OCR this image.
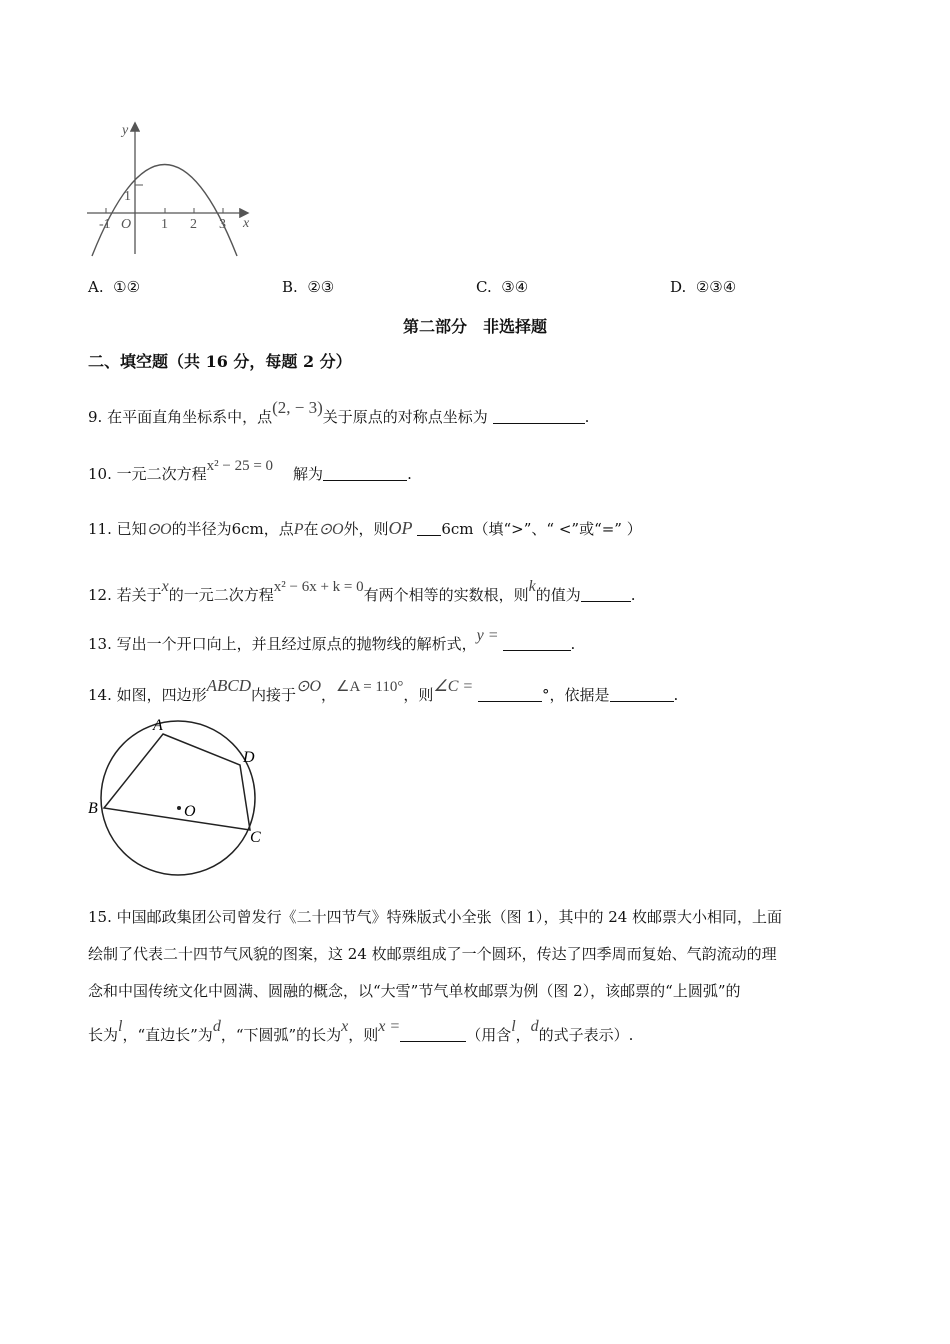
y
x
O
-1	1 2 3
1
A. ①②	B. ②③	C. ③④	D. ②③④
第二部分　非选择题
二、填空题（共 16 分，每题 2 分）
9. 在平面直角坐标系中，点(2, − 3)关于原点的对称点坐标为	.
10. 一元二次方程x² − 25 = 0 解为	.
11. 已知⊙O的半径为6cm，点P在⊙O外，则OP 6cm（填“>”、“ <”或“=” ）
12. 若关于x的一元二次方程x² − 6x + k = 0有两个相等的实数根，则k的值为	.
13. 写出一个开口向上，并且经过原点的抛物线的解析式，y =	.
14. 如图，四边形ABCD内接于⊙O，∠A = 110°，则∠C =	°，依据是	.
A
D
C
B	O
15. 中国邮政集团公司曾发行《二十四节气》特殊版式小全张（图 1），其中的 24 枚邮票大小相同，上面
绘制了代表二十四节气风貌的图案，这 24 枚邮票组成了一个圆环，传达了四季周而复始、气韵流动的理
念和中国传统文化中圆满、圆融的概念，以“大雪”节气单枚邮票为例（图 2），该邮票的“上圆弧”的
长为l，“直边长”为d，“下圆弧”的长为x，则x =	（用含l，d的式子表示）.
